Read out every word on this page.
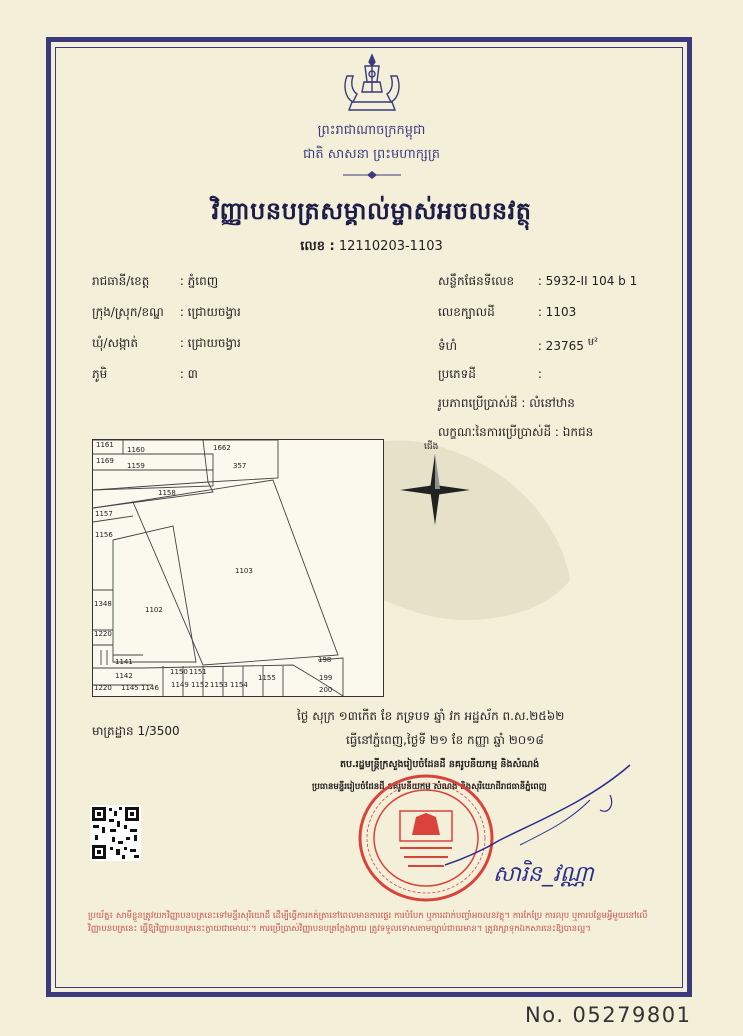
ព្រះរាជាណាចក្រកម្ពុជា
ជាតិ សាសនា ព្រះមហាក្សត្រ
វិញ្ញាបនបត្រសម្គាល់ម្ចាស់អចលនវត្ថុ
លេខ : 12110203-1103
រាជធានី/ខេត្ត	: ភ្នំពេញ
ក្រុង/ស្រុក/ខណ្ឌ : ជ្រោយចង្វារ
ឃុំ/សង្កាត់	: ជ្រោយចង្វារ
ភូមិ	: ៣
សន្លឹកផែនទីលេខ : 5932-II 104 b 1
លេខក្បាលដី	: 1103
ទំហំ	: 23765 $^{ម^2}$
ប្រភេទដី	:
រូបភាពប្រើប្រាស់ដី : លំនៅឋាន
លក្ខណៈនៃការប្រើប្រាស់ដី : ឯកជន
1161
1160
1169
1159
1662
357
1158
1157
1156
1103
1102
1348
1220
1141
1142	1150 1151
1149 1152 1153 1154
1155
198
199
200
1145 1146
1220
ជើង
មាត្រដ្ឋាន 1/3500
ថ្ងៃ សុក្រ ១៣កើត ខែ ភទ្របទ ឆ្នាំ វក អដ្ឋស័ក ព.ស.២៥៦២
ធ្វើនៅភ្នំពេញ,ថ្ងៃទី ២១ ខែ កញ្ញា ឆ្នាំ ២០១៨
តប.រដ្ឋមន្ត្រីក្រសួងរៀបចំដែនដី នគរូបនីយកម្ម និងសំណង់
ប្រធានមន្ទីររៀបចំដែនដី នគរូបនីយកម្ម សំណង់ និងសុរិយោដីរាជធានីភ្នំពេញ
សារិន_វណ្ណា
ប្រយ័ត្ន៖ សាមីខ្លួនត្រូវយកវិញ្ញាបនបត្រនេះទៅមន្ទីរសុរិយោដី ដើម្បីធ្វើការកត់ត្រានៅពេលមានការផ្ទេរ ការបំបែក ឬការដាក់បញ្ចាំអចលនវត្ថុ។ ការកែប្រែ ការលុប ឬការបន្ថែមអ្វីមួយនៅលើវិញ្ញាបនបត្រនេះ ធ្វើឱ្យវិញ្ញាបនបត្រនេះក្លាយជាមោឃៈ។ ការប្រើប្រាស់វិញ្ញាបនបត្រក្លែងក្លាយ ត្រូវទទួលទោសតាមច្បាប់ជាធរមាន។ ត្រូវរក្សាទុកឯកសារនេះឱ្យបានល្អ។
No. 05279801
